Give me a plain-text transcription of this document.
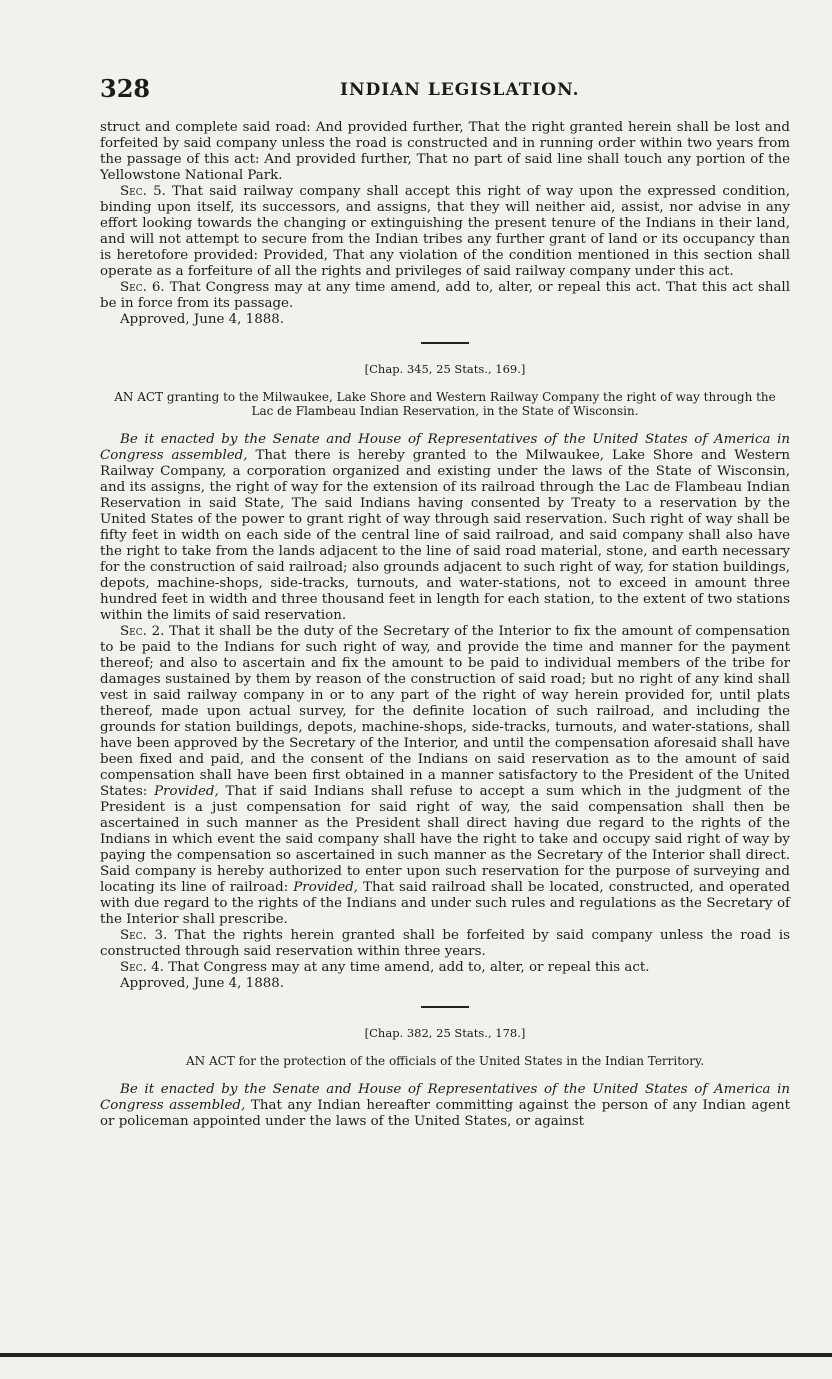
328	INDIAN LEGISLATION.

struct and complete said road: And provided further, That the right granted herein shall be lost and forfeited by said company unless the road is constructed and in running order within two years from the passage of this act: And provided further, That no part of said line shall touch any portion of the Yellowstone National Park.

Sec. 5. That said railway company shall accept this right of way upon the expressed condition, binding upon itself, its successors, and assigns, that they will neither aid, assist, nor advise in any effort looking towards the changing or extinguishing the present tenure of the Indians in their land, and will not attempt to secure from the Indian tribes any further grant of land or its occupancy than is heretofore provided: Provided, That any violation of the condition mentioned in this section shall operate as a forfeiture of all the rights and privileges of said railway company under this act.

Sec. 6. That Congress may at any time amend, add to, alter, or repeal this act. That this act shall be in force from its passage.

Approved, June 4, 1888.

[Chap. 345, 25 Stats., 169.]
AN ACT granting to the Milwaukee, Lake Shore and Western Railway Company the right of way through the Lac de Flambeau Indian Reservation, in the State of Wisconsin.

Be it enacted by the Senate and House of Representatives of the United States of America in Congress assembled, That there is hereby granted to the Milwaukee, Lake Shore and Western Railway Company, a corporation organized and existing under the laws of the State of Wisconsin, and its assigns, the right of way for the extension of its railroad through the Lac de Flambeau Indian Reservation in said State, The said Indians having consented by Treaty to a reservation by the United States of the power to grant right of way through said reservation. Such right of way shall be fifty feet in width on each side of the central line of said railroad, and said company shall also have the right to take from the lands adjacent to the line of said road material, stone, and earth necessary for the construction of said railroad; also grounds adjacent to such right of way, for station buildings, depots, machine-shops, side-tracks, turnouts, and water-stations, not to exceed in amount three hundred feet in width and three thousand feet in length for each station, to the extent of two stations within the limits of said reservation.

Sec. 2. That it shall be the duty of the Secretary of the Interior to fix the amount of compensation to be paid to the Indians for such right of way, and provide the time and manner for the payment thereof; and also to ascertain and fix the amount to be paid to individual members of the tribe for damages sustained by them by reason of the construction of said road; but no right of any kind shall vest in said railway company in or to any part of the right of way herein provided for, until plats thereof, made upon actual survey, for the definite location of such railroad, and including the grounds for station buildings, depots, machine-shops, side-tracks, turnouts, and water-stations, shall have been approved by the Secretary of the Interior, and until the compensation aforesaid shall have been fixed and paid, and the consent of the Indians on said reservation as to the amount of said compensation shall have been first obtained in a manner satisfactory to the President of the United States: Provided, That if said Indians shall refuse to accept a sum which in the judgment of the President is a just compensation for said right of way, the said compensation shall then be ascertained in such manner as the President shall direct having due regard to the rights of the Indians in which event the said company shall have the right to take and occupy said right of way by paying the compensation so ascertained in such manner as the Secretary of the Interior shall direct. Said company is hereby authorized to enter upon such reservation for the purpose of surveying and locating its line of railroad: Provided, That said railroad shall be located, constructed, and operated with due regard to the rights of the Indians and under such rules and regulations as the Secretary of the Interior shall prescribe.

Sec. 3. That the rights herein granted shall be forfeited by said company unless the road is constructed through said reservation within three years.

Sec. 4. That Congress may at any time amend, add to, alter, or repeal this act.

Approved, June 4, 1888.

[Chap. 382, 25 Stats., 178.]
AN ACT for the protection of the officials of the United States in the Indian Territory.

Be it enacted by the Senate and House of Representatives of the United States of America in Congress assembled, That any Indian hereafter committing against the person of any Indian agent or policeman appointed under the laws of the United States, or against
